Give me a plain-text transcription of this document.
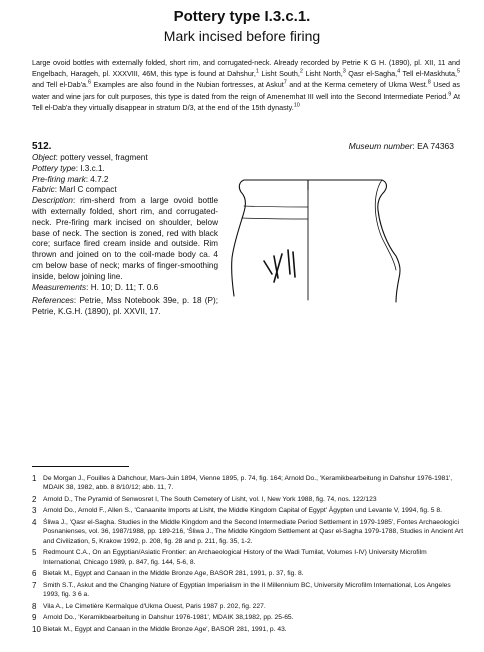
Pottery type I.3.c.1.
Mark incised before firing
Large ovoid bottles with externally folded, short rim, and corrugated-neck. Already recorded by Petrie K G H. (1890), pl. XII, 11 and Engelbach, Harageh, pl. XXXVIII, 46M, this type is found at Dahshur,$^1$ Lisht South,$^2$ Lisht North,$^3$ Qasr el-Sagha,$^4$ Tell el-Maskhuta,$^5$ and Tell el-Dab'a.$^6$ Examples are also found in the Nubian fortresses, at Askut$^7$ and at the Kerma cemetery of Ukma West.$^8$ Used as water and wine jars for cult purposes, this type is dated from the reign of Amenemhat III well into the Second Intermediate Period.$^9$ At Tell el-Dab'a they virtually disappear in stratum D/3, at the end of the 15th dynasty.$^{10}$
512.	Museum number: EA 74363

Object: pottery vessel, fragment

Pottery type: I.3.c.1.

Pre-firing mark: 4.7.2

Fabric: Marl C compact

Description: rim-sherd from a large ovoid bottle with externally folded, short rim, and corrugated-neck. Pre-firing mark incised on shoulder, below base of neck. The section is zoned, red with black core; surface fired cream inside and outside. Rim thrown and joined on to the coil-made body ca. 4 cm below base of neck; marks of finger-smoothing inside, below joining line.

Measurements: H. 10; D. 11; T. 0.6

References: Petrie, Mss Notebook 39e, p. 18 (P); Petrie, K.G.H. (1890), pl. XXVII, 17.

1 De Morgan J., Fouilles à Dahchour, Mars-Juin 1894, Vienne 1895, p. 74, fig. 164; Arnold Do., 'Keramikbearbeitung in Dahshur 1976-1981', MDAIK 38, 1982, abb. 8 8/10/12; abb. 11, 7.
2 Arnold D., The Pyramid of Senwosret I, The South Cemetery of Lisht, vol. I, New York 1988, fig. 74, nos. 122/123
3 Arnold Do., Arnold F., Allen S., 'Canaanite Imports at Lisht, the Middle Kingdom Capital of Egypt' Ägypten und Levante V, 1994, fig. 5 8.
4 Śliwa J., 'Qasr el-Sagha. Studies in the Middle Kingdom and the Second Intermediate Period Settlement in 1979-1985', Fontes Archaeologici Posnanienses, vol. 36, 1987/1988, pp. 189-216, 'Śliwa J., The Middle Kingdom Settlement at Qasr el-Sagha 1979-1788, Studies in Ancient Art and Civilization, 5, Krakow 1992, p. 208, fig. 28 and p. 211, fig. 35, 1-2.
5 Redmount C.A., On an Egyptian/Asiatic Frontier: an Archaeological History of the Wadi Tumilat, Volumes I-IV) University Microfilm International, Chicago 1989, p. 847, fig. 144, 5-6, 8.
6 Bietak M., Egypt and Canaan in the Middle Bronze Age, BASOR 281, 1991, p. 37, fig. 8.
7 Smith S.T., Askut and the Changing Nature of Egyptian Imperialism in the II Millennium BC, University Microfilm International, Los Angeles 1993, fig. 3 6 a.
8 Vila A., Le Cimetière Kermaïque d'Ukma Ouest, Paris 1987 p. 202, fig. 227.
9 Arnold Do., 'Keramikbearbeitung in Dahshur 1976-1981', MDAIK 38,1982, pp. 25-65.
10 Bietak M., Egypt and Canaan in the Middle Bronze Age', BASOR 281, 1991, p. 43.
